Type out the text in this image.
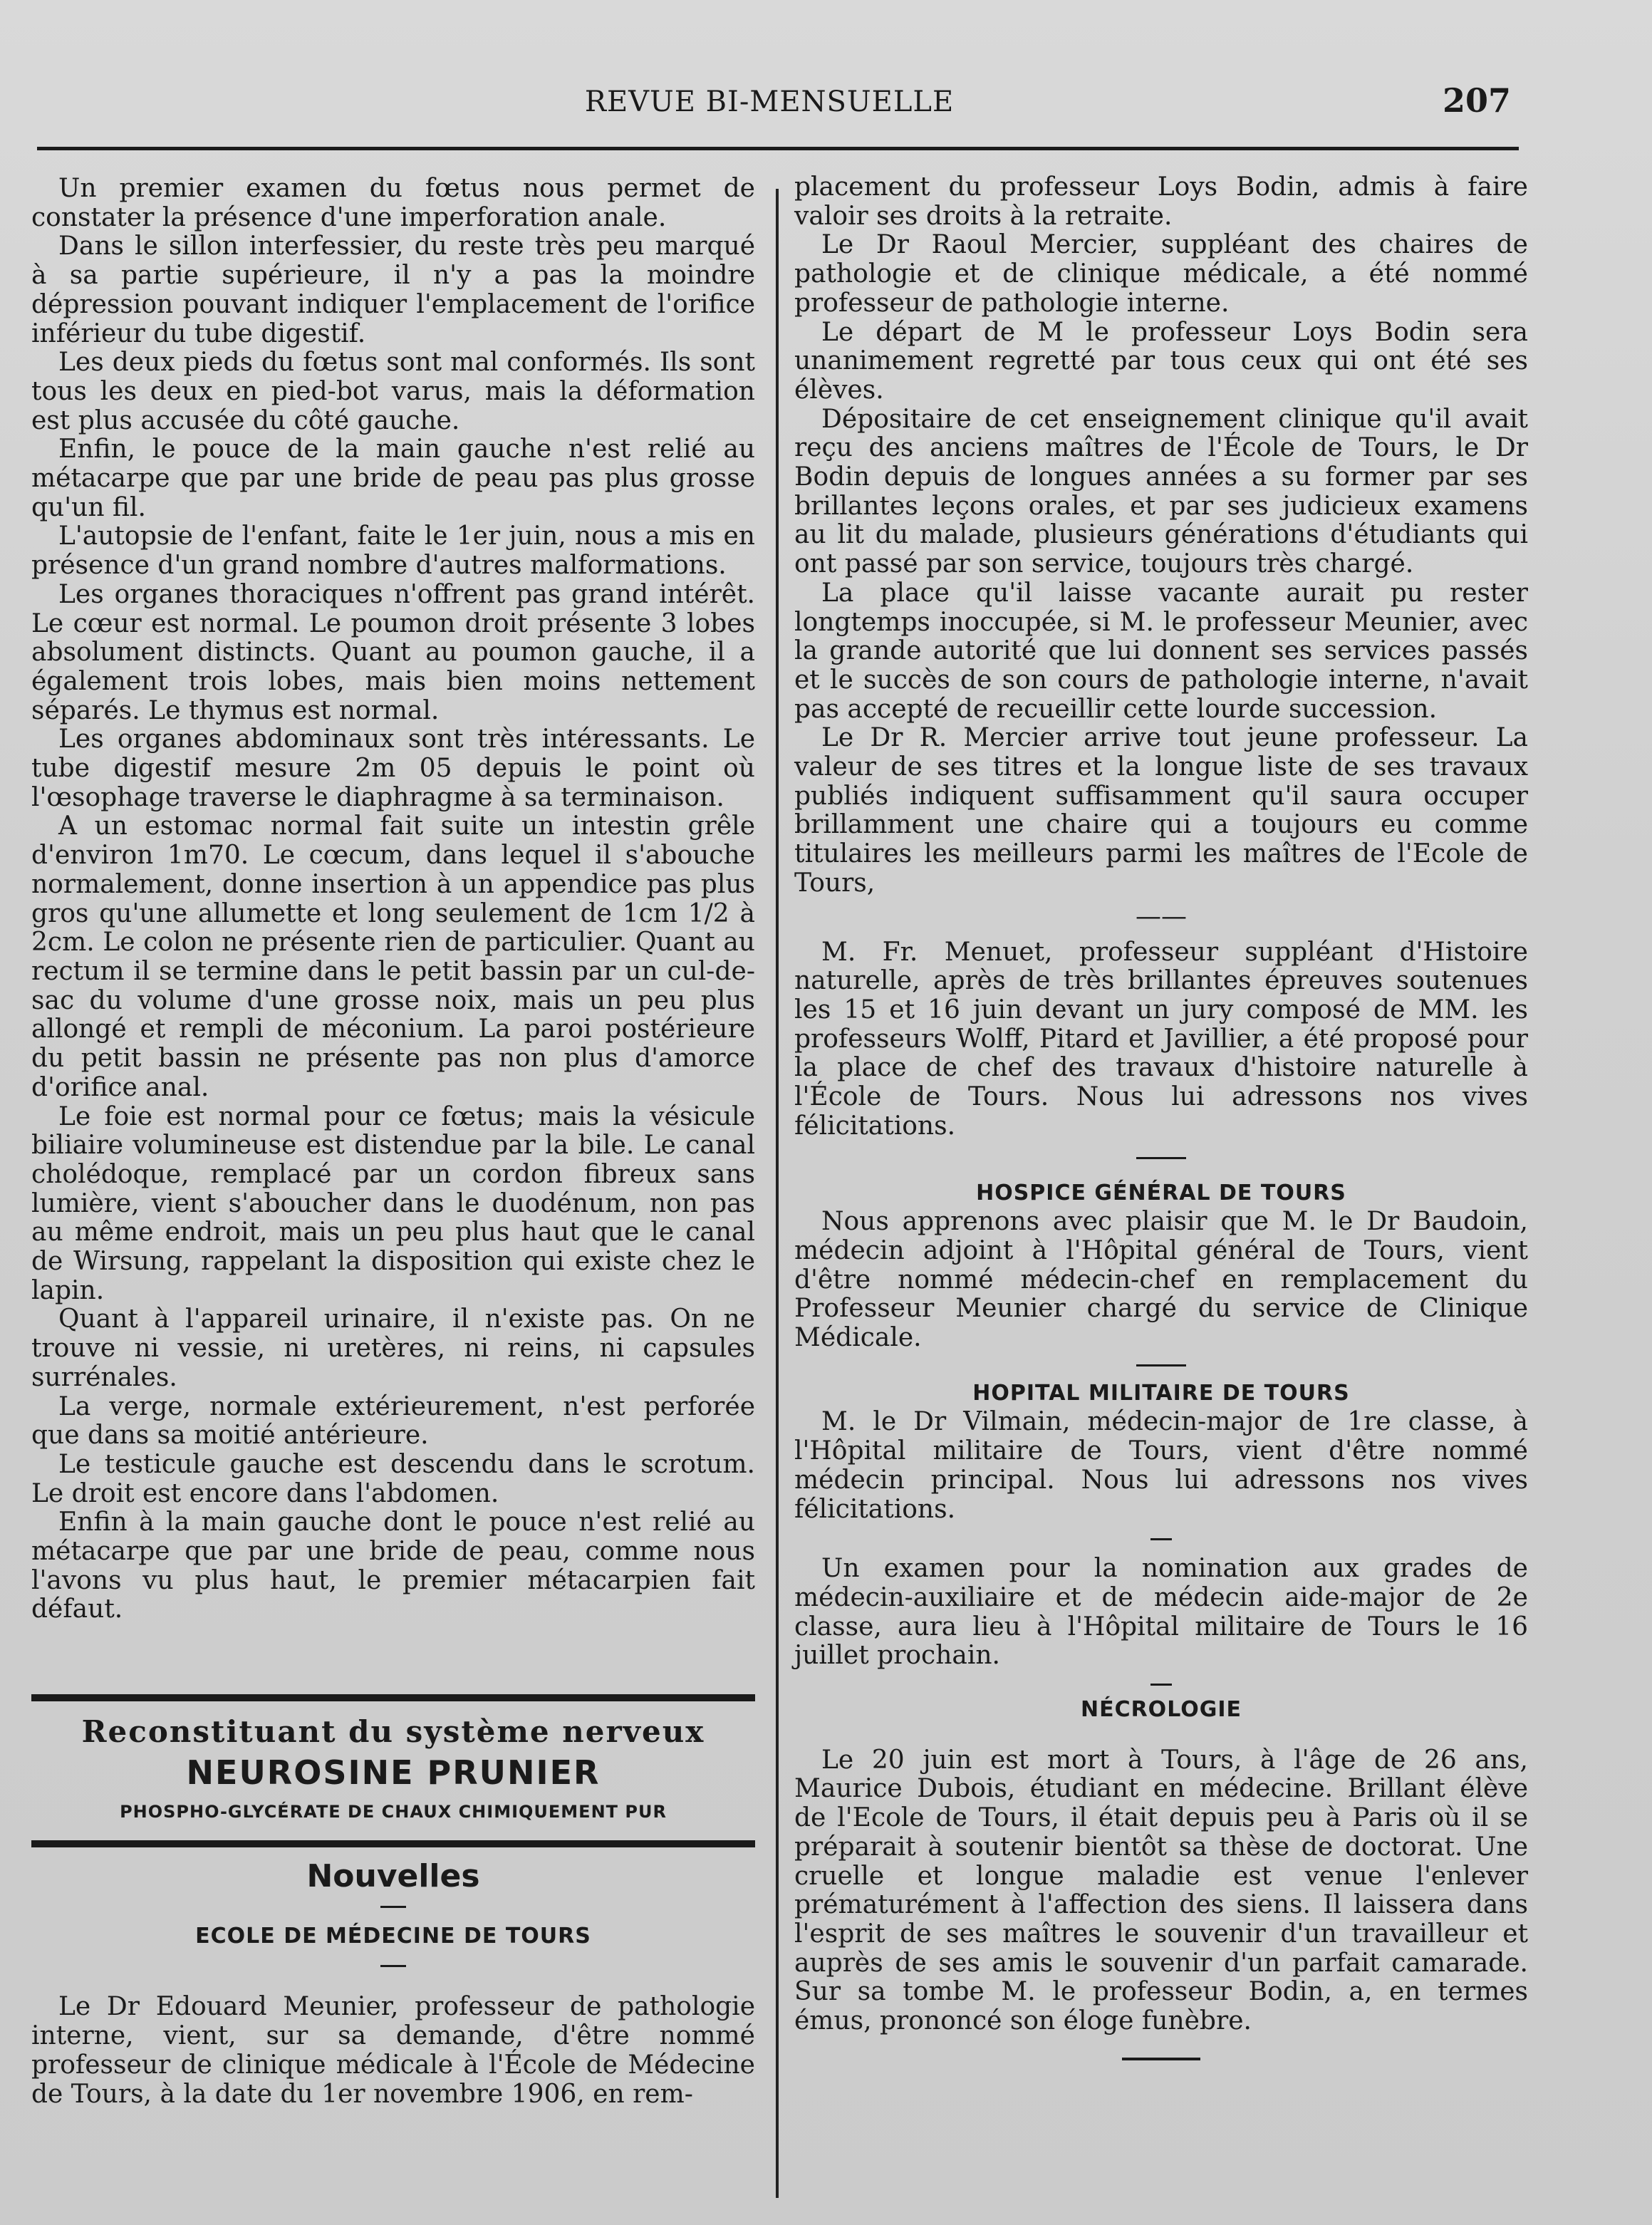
REVUE BI-MENSUELLE	207

Un premier examen du fœtus nous permet de constater la présence d'une imperforation anale.

Dans le sillon interfessier, du reste très peu marqué à sa partie supérieure, il n'y a pas la moindre dépression pouvant indiquer l'emplacement de l'orifice inférieur du tube digestif.

Les deux pieds du fœtus sont mal conformés. Ils sont tous les deux en pied-bot varus, mais la déformation est plus accusée du côté gauche.

Enfin, le pouce de la main gauche n'est relié au métacarpe que par une bride de peau pas plus grosse qu'un fil.

L'autopsie de l'enfant, faite le 1er juin, nous a mis en présence d'un grand nombre d'autres malformations.

Les organes thoraciques n'offrent pas grand intérêt. Le cœur est normal. Le poumon droit présente 3 lobes absolument distincts. Quant au poumon gauche, il a également trois lobes, mais bien moins nettement séparés. Le thymus est normal.

Les organes abdominaux sont très intéressants. Le tube digestif mesure 2m 05 depuis le point où l'œsophage traverse le diaphragme à sa terminaison.

A un estomac normal fait suite un intestin grêle d'environ 1m70. Le cœcum, dans lequel il s'abouche normalement, donne insertion à un appendice pas plus gros qu'une allumette et long seulement de 1cm 1/2 à 2cm. Le colon ne présente rien de particulier. Quant au rectum il se termine dans le petit bassin par un cul-de-sac du volume d'une grosse noix, mais un peu plus allongé et rempli de méconium. La paroi postérieure du petit bassin ne présente pas non plus d'amorce d'orifice anal.

Le foie est normal pour ce fœtus; mais la vésicule biliaire volumineuse est distendue par la bile. Le canal cholédoque, remplacé par un cordon fibreux sans lumière, vient s'aboucher dans le duodénum, non pas au même endroit, mais un peu plus haut que le canal de Wirsung, rappelant la disposition qui existe chez le lapin.

Quant à l'appareil urinaire, il n'existe pas. On ne trouve ni vessie, ni uretères, ni reins, ni capsules surrénales.

La verge, normale extérieurement, n'est perforée que dans sa moitié antérieure.

Le testicule gauche est descendu dans le scrotum. Le droit est encore dans l'abdomen.

Enfin à la main gauche dont le pouce n'est relié au métacarpe que par une bride de peau, comme nous l'avons vu plus haut, le premier métacarpien fait défaut.

Reconstituant du système nerveux
NEUROSINE PRUNIER
PHOSPHO-GLYCÉRATE DE CHAUX CHIMIQUEMENT PUR
Nouvelles
ECOLE DE MÉDECINE DE TOURS

Le Dr Edouard Meunier, professeur de pathologie interne, vient, sur sa demande, d'être nommé professeur de clinique médicale à l'École de Médecine de Tours, à la date du 1er novembre 1906, en rem-

placement du professeur Loys Bodin, admis à faire valoir ses droits à la retraite.

Le Dr Raoul Mercier, suppléant des chaires de pathologie et de clinique médicale, a été nommé professeur de pathologie interne.

Le départ de M le professeur Loys Bodin sera unanimement regretté par tous ceux qui ont été ses élèves.

Dépositaire de cet enseignement clinique qu'il avait reçu des anciens maîtres de l'École de Tours, le Dr Bodin depuis de longues années a su former par ses brillantes leçons orales, et par ses judicieux examens au lit du malade, plusieurs générations d'étudiants qui ont passé par son service, toujours très chargé.

La place qu'il laisse vacante aurait pu rester longtemps inoccupée, si M. le professeur Meunier, avec la grande autorité que lui donnent ses services passés et le succès de son cours de pathologie interne, n'avait pas accepté de recueillir cette lourde succession.

Le Dr R. Mercier arrive tout jeune professeur. La valeur de ses titres et la longue liste de ses travaux publiés indiquent suffisamment qu'il saura occuper brillamment une chaire qui a toujours eu comme titulaires les meilleurs parmi les maîtres de l'Ecole de Tours,

——

M. Fr. Menuet, professeur suppléant d'Histoire naturelle, après de très brillantes épreuves soutenues les 15 et 16 juin devant un jury composé de MM. les professeurs Wolff, Pitard et Javillier, a été proposé pour la place de chef des travaux d'histoire naturelle à l'École de Tours. Nous lui adressons nos vives félicitations.

HOSPICE GÉNÉRAL DE TOURS

Nous apprenons avec plaisir que M. le Dr Baudoin, médecin adjoint à l'Hôpital général de Tours, vient d'être nommé médecin-chef en remplacement du Professeur Meunier chargé du service de Clinique Médicale.

HOPITAL MILITAIRE DE TOURS

M. le Dr Vilmain, médecin-major de 1re classe, à l'Hôpital militaire de Tours, vient d'être nommé médecin principal. Nous lui adressons nos vives félicitations.

Un examen pour la nomination aux grades de médecin-auxiliaire et de médecin aide-major de 2e classe, aura lieu à l'Hôpital militaire de Tours le 16 juillet prochain.

NÉCROLOGIE

Le 20 juin est mort à Tours, à l'âge de 26 ans, Maurice Dubois, étudiant en médecine. Brillant élève de l'Ecole de Tours, il était depuis peu à Paris où il se préparait à soutenir bientôt sa thèse de doctorat. Une cruelle et longue maladie est venue l'enlever prématurément à l'affection des siens. Il laissera dans l'esprit de ses maîtres le souvenir d'un travailleur et auprès de ses amis le souvenir d'un parfait camarade. Sur sa tombe M. le professeur Bodin, a, en termes émus, prononcé son éloge funèbre.
